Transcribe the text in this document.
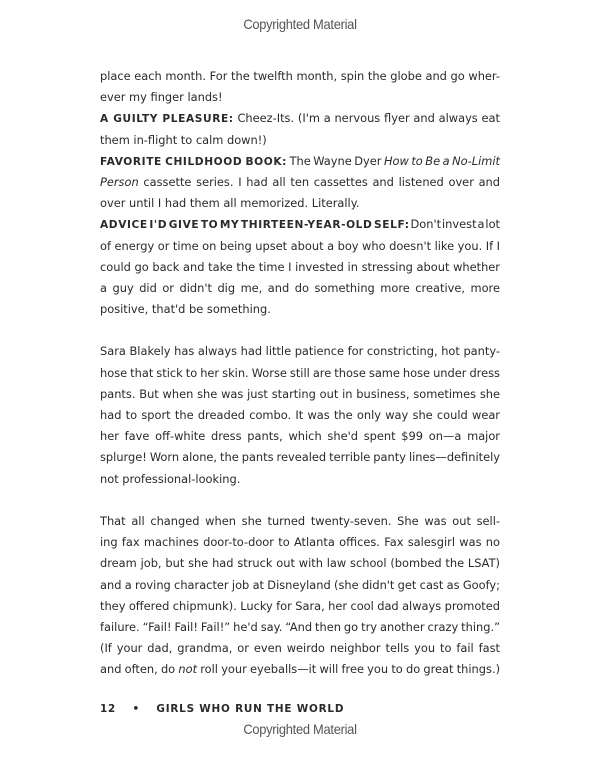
Copyrighted Material
place each month. For the twelfth month, spin the globe and go wher-
ever my finger lands!
A GUILTY PLEASURE: Cheez-Its. (I'm a nervous flyer and always eat
them in-flight to calm down!)
FAVORITE CHILDHOOD BOOK: The Wayne Dyer How to Be a No-Limit
Person cassette series. I had all ten cassettes and listened over and
over until I had them all memorized. Literally.
ADVICE I'D GIVE TO MY THIRTEEN-YEAR-OLD SELF: Don't invest a lot
of energy or time on being upset about a boy who doesn't like you. If I
could go back and take the time I invested in stressing about whether
a guy did or didn't dig me, and do something more creative, more
positive, that'd be something.
Sara Blakely has always had little patience for constricting, hot panty-
hose that stick to her skin. Worse still are those same hose under dress
pants. But when she was just starting out in business, sometimes she
had to sport the dreaded combo. It was the only way she could wear
her fave off-white dress pants, which she'd spent $99 on—a major
splurge! Worn alone, the pants revealed terrible panty lines—definitely
not professional-looking.
That all changed when she turned twenty-seven. She was out sell-
ing fax machines door-to-door to Atlanta offices. Fax salesgirl was no
dream job, but she had struck out with law school (bombed the LSAT)
and a roving character job at Disneyland (she didn't get cast as Goofy;
they offered chipmunk). Lucky for Sara, her cool dad always promoted
failure. “Fail! Fail! Fail!” he'd say. “And then go try another crazy thing.”
(If your dad, grandma, or even weirdo neighbor tells you to fail fast
and often, do not roll your eyeballs—it will free you to do great things.)
12 • GIRLS WHO RUN THE WORLD
Copyrighted Material
